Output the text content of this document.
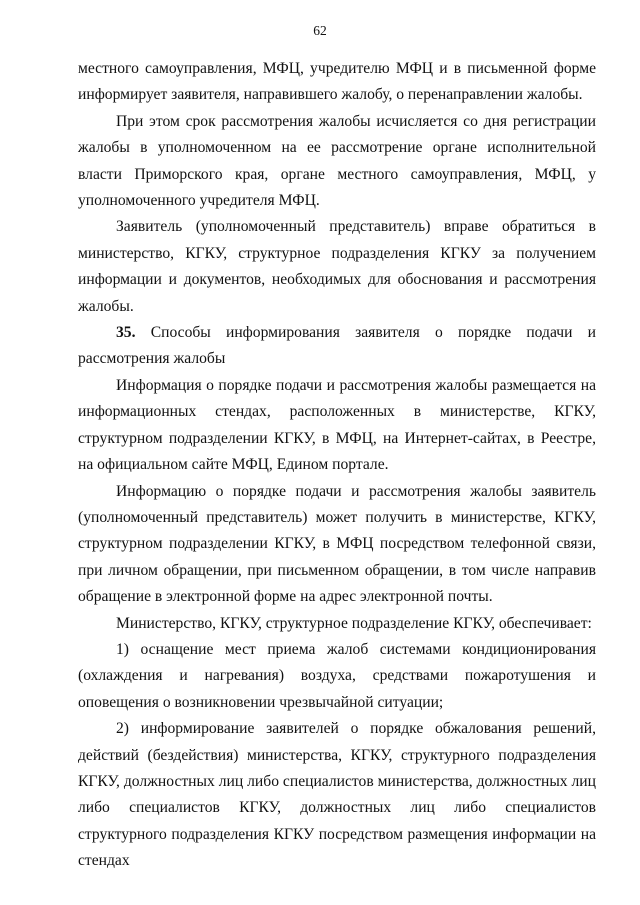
62

местного самоуправления, МФЦ, учредителю МФЦ и в письменной форме информирует заявителя, направившего жалобу, о перенаправлении жалобы.

При этом срок рассмотрения жалобы исчисляется со дня регистрации жалобы в уполномоченном на ее рассмотрение органе исполнительной власти Приморского края, органе местного самоуправления, МФЦ, у уполномоченного учредителя МФЦ.

Заявитель (уполномоченный представитель) вправе обратиться в министерство, КГКУ, структурное подразделения КГКУ за получением информации и документов, необходимых для обоснования и рассмотрения жалобы.

35. Способы информирования заявителя о порядке подачи и рассмотрения жалобы

Информация о порядке подачи и рассмотрения жалобы размещается на информационных стендах, расположенных в министерстве, КГКУ, структурном подразделении КГКУ, в МФЦ, на Интернет-сайтах, в Реестре, на официальном сайте МФЦ, Едином портале.

Информацию о порядке подачи и рассмотрения жалобы заявитель (уполномоченный представитель) может получить в министерстве, КГКУ, структурном подразделении КГКУ, в МФЦ посредством телефонной связи, при личном обращении, при письменном обращении, в том числе направив обращение в электронной форме на адрес электронной почты.

Министерство, КГКУ, структурное подразделение КГКУ, обеспечивает:

1) оснащение мест приема жалоб системами кондиционирования (охлаждения и нагревания) воздуха, средствами пожаротушения и оповещения о возникновении чрезвычайной ситуации;

2) информирование заявителей о порядке обжалования решений, действий (бездействия) министерства, КГКУ, структурного подразделения КГКУ, должностных лиц либо специалистов министерства, должностных лиц либо специалистов КГКУ, должностных лиц либо специалистов структурного подразделения КГКУ посредством размещения информации на стендах
